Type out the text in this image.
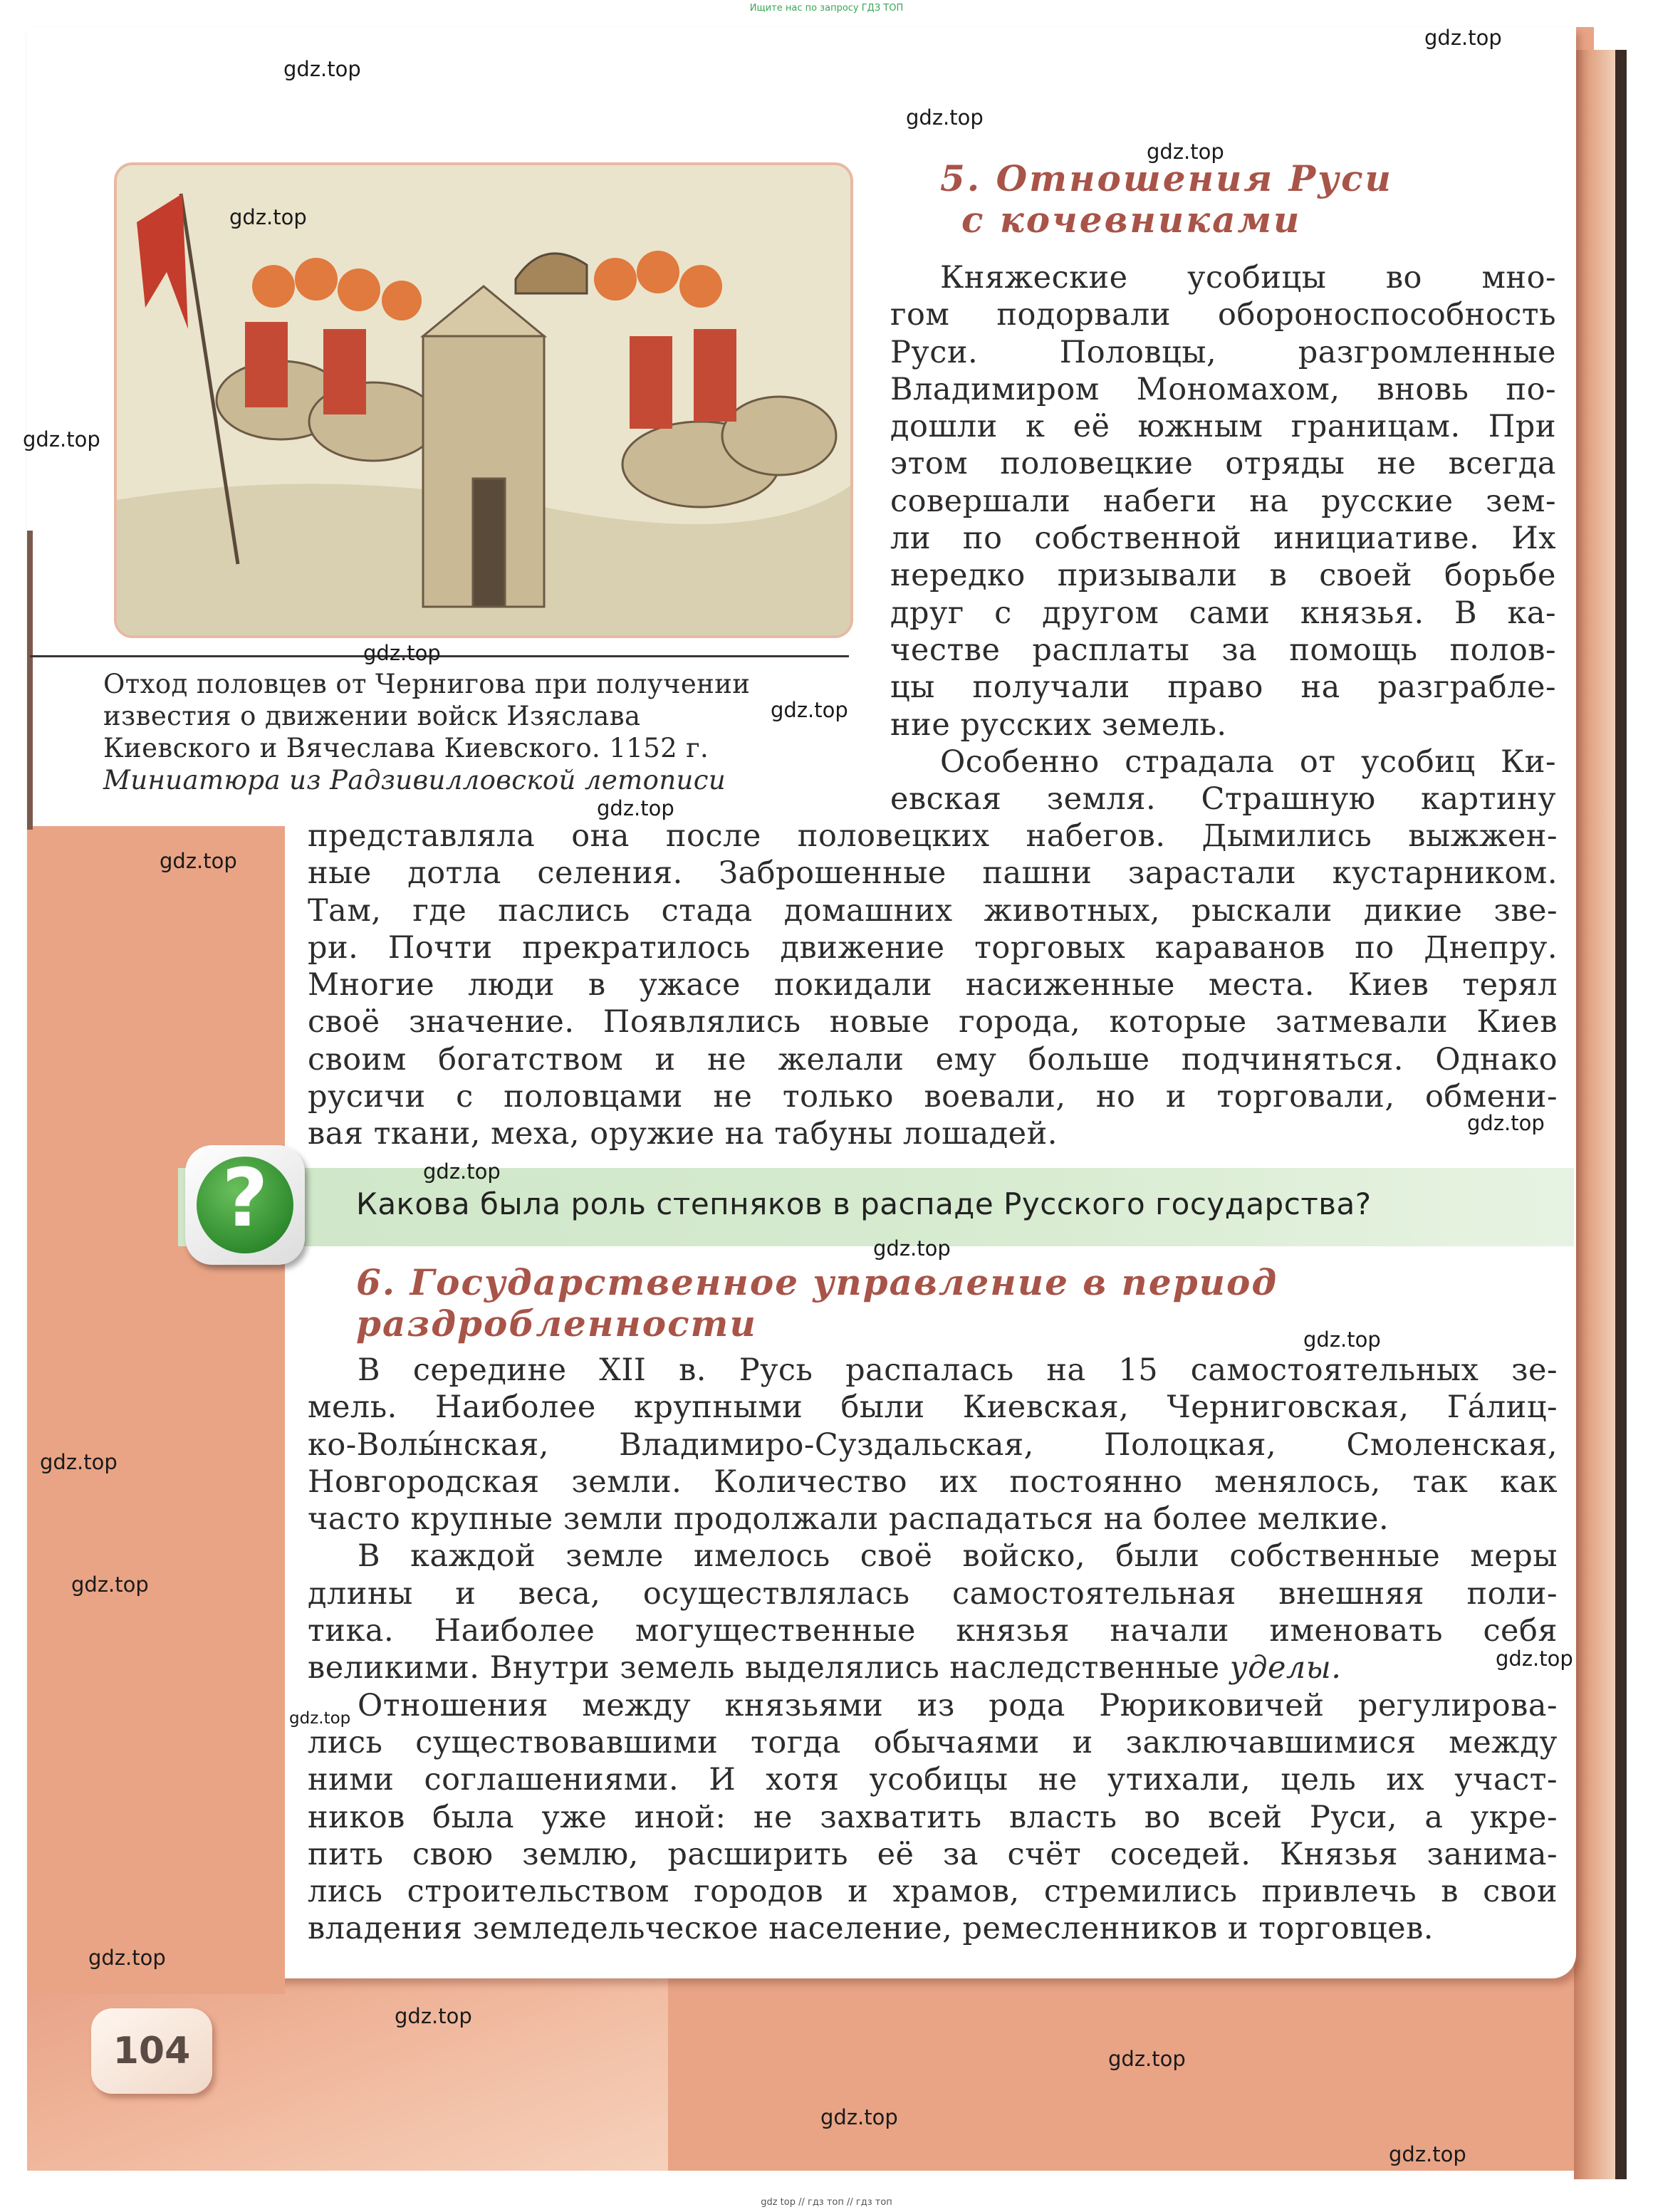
Ищите нас по запросу ГДЗ ТОП
Отход половцев от Чернигова при получении
известия о движении войск Изяслава
Киевского и Вячеслава Киевского. 1152 г.
Миниатюра из Радзивилловской летописи
5. Отношения Руси
с кочевниками
Княжеские усобицы во мно-
гом подорвали обороноспособность
Руси. Половцы, разгромленные
Владимиром Мономахом, вновь по-
дошли к её южным границам. При
этом половецкие отряды не всегда
совершали набеги на русские зем-
ли по собственной инициативе. Их
нередко призывали в своей борьбе
друг с другом сами князья. В ка-
честве расплаты за помощь полов-
цы получали право на разграбле-
ние русских земель.
Особенно страдала от усобиц Ки-
евская земля. Страшную картину
представляла она после половецких набегов. Дымились выжжен-
ные дотла селения. Заброшенные пашни зарастали кустарником.
Там, где паслись стада домашних животных, рыскали дикие зве-
ри. Почти прекратилось движение торговых караванов по Днепру.
Многие люди в ужасе покидали насиженные места. Киев терял
своё значение. Появлялись новые города, которые затмевали Киев
своим богатством и не желали ему больше подчиняться. Однако
русичи с половцами не только воевали, но и торговали, обмени-
вая ткани, меха, оружие на табуны лошадей.
Какова была роль степняков в распаде Русского государства?
?
6. Государственное управление в период
раздробленности
В середине XII в. Русь распалась на 15 самостоятельных зе-
мель. Наиболее крупными были Киевская, Черниговская, Га́лиц-
ко-Волы́нская, Владимиро-Суздальская, Полоцкая, Смоленская,
Новгородская земли. Количество их постоянно менялось, так как
часто крупные земли продолжали распадаться на более мелкие.
В каждой земле имелось своё войско, были собственные меры
длины и веса, осуществлялась самостоятельная внешняя поли-
тика. Наиболее могущественные князья начали именовать себя
великими. Внутри земель выделялись наследственные уделы.
Отношения между князьями из рода Рюриковичей регулирова-
лись существовавшими тогда обычаями и заключавшимися между
ними соглашениями. И хотя усобицы не утихали, цель их участ-
ников была уже иной: не захватить власть во всей Руси, а укре-
пить свою землю, расширить её за счёт соседей. Князья занима-
лись строительством городов и храмов, стремились привлечь в свои
владения земледельческое население, ремесленников и торговцев.
104
gdz.top
gdz.top
gdz.top
gdz.top
gdz.top
gdz.top
gdz.top
gdz.top
gdz.top
gdz.top
gdz.top
gdz.top
gdz.top
gdz.top
gdz.top
gdz.top
gdz.top
gdz.top
gdz.top
gdz.top
gdz.top
gdz.top
gdz.top
gdz top // гдз топ // гдз топ
